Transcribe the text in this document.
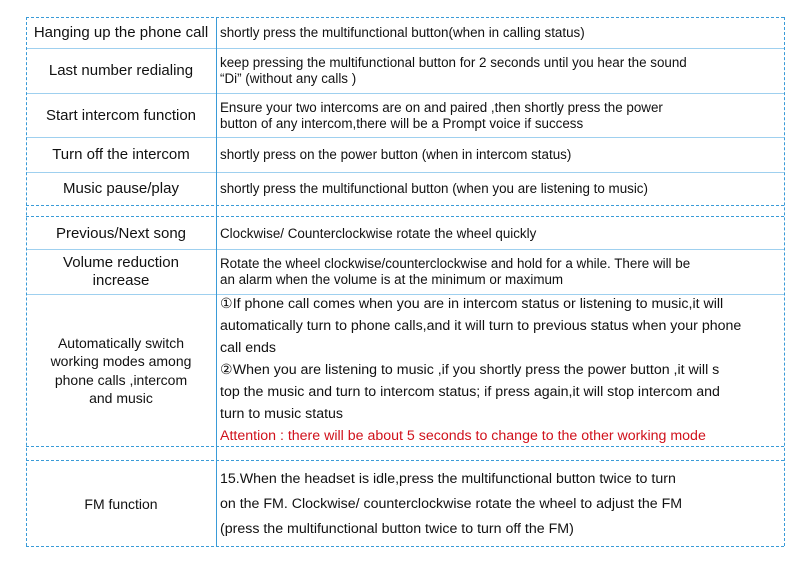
Hanging up the phone call shortly press the multifunctional button(when in calling status)
Last number redialing keep pressing the multifunctional button for 2 seconds until you hear the sound
“Di” (without any calls )
Start intercom function Ensure your two intercoms are on and paired ,then shortly press the power
button of any intercom,there will be a Prompt voice if success
Turn off the intercom shortly press on the power button (when in intercom status)
Music pause/play	shortly press the multifunctional button (when you are listening to music)
Previous/Next song	Clockwise/ Counterclockwise rotate the wheel quickly
Volume reduction
increase
Rotate the wheel clockwise/counterclockwise and hold for a while. There will be
an alarm when the volume is at the minimum or maximum
Automatically switch
working modes among
phone calls ,intercom
and music
①If phone call comes when you are in intercom status or listening to music,it will
automatically turn to phone calls,and it will turn to previous status when your phone
call ends
②When you are listening to music ,if you shortly press the power button ,it will s
top the music and turn to intercom status; if press again,it will stop intercom and
turn to music status
Attention : there will be about 5 seconds to change to the other working mode
FM function
15.When the headset is idle,press the multifunctional button twice to turn
on the FM. Clockwise/ counterclockwise rotate the wheel to adjust the FM
(press the multifunctional button twice to turn off the FM)
